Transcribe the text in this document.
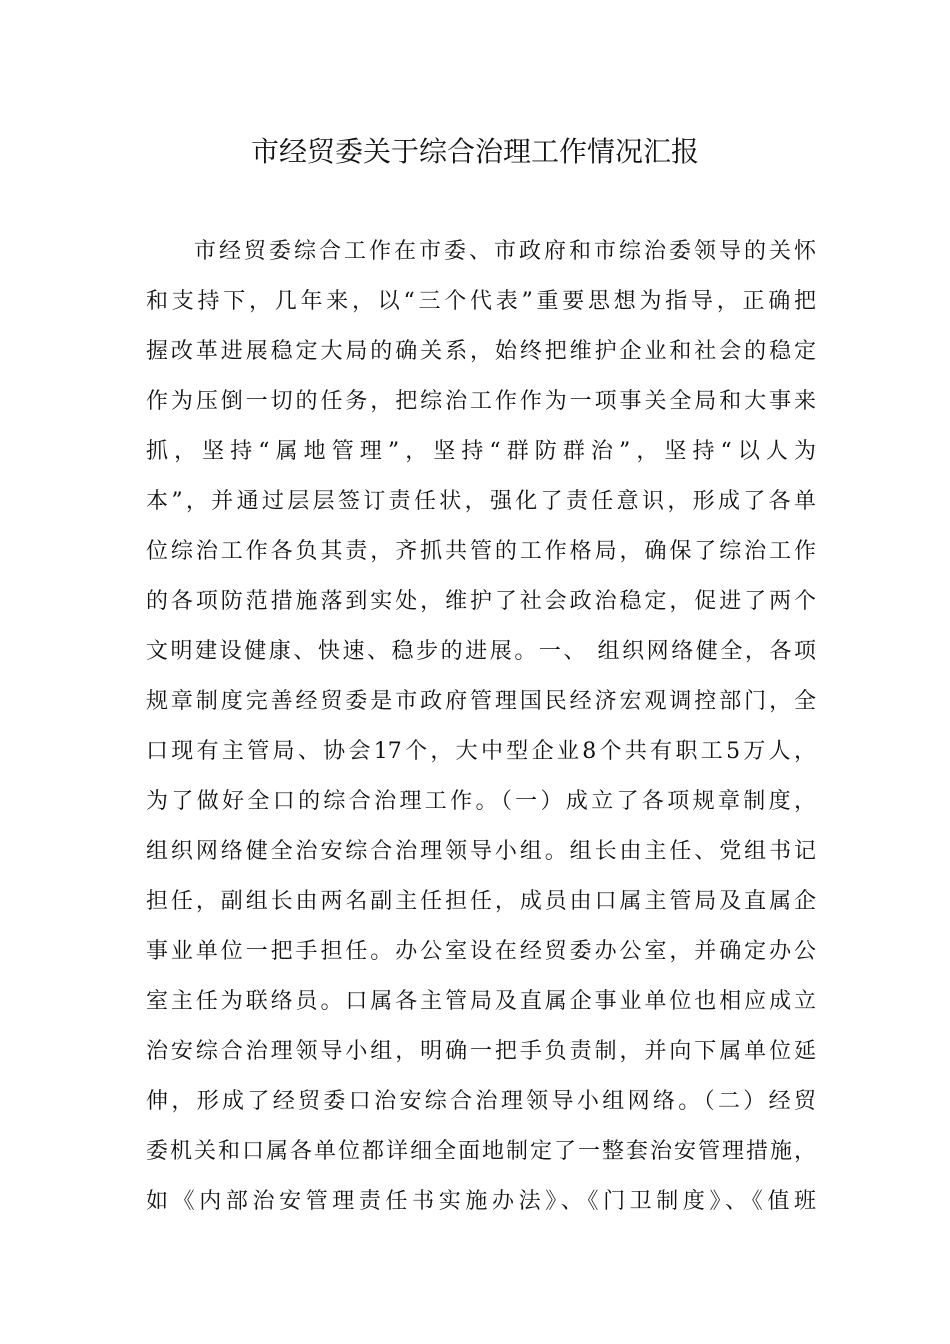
市经贸委关于综合治理工作情况汇报
市经贸委综合工作在市委、市政府和市综治委领导的关怀
和支持下，几年来，以“三个代表”重要思想为指导，正确把
握改革进展稳定大局的确关系，始终把维护企业和社会的稳定
作为压倒一切的任务，把综治工作作为一项事关全局和大事来
抓，坚持“属地管理”，坚持“群防群治”，坚持“以人为
本”，并通过层层签订责任状，强化了责任意识，形成了各单
位综治工作各负其责，齐抓共管的工作格局，确保了综治工作
的各项防范措施落到实处，维护了社会政治稳定，促进了两个
文明建设健康、快速、稳步的进展。一、 组织网络健全，各项
规章制度完善经贸委是市政府管理国民经济宏观调控部门，全
口现有主管局、协会17个，大中型企业8个共有职工5万人，
为了做好全口的综合治理工作。（一）成立了各项规章制度，
组织网络健全治安综合治理领导小组。组长由主任、党组书记
担任，副组长由两名副主任担任，成员由口属主管局及直属企
事业单位一把手担任。办公室设在经贸委办公室，并确定办公
室主任为联络员。口属各主管局及直属企事业单位也相应成立
治安综合治理领导小组，明确一把手负责制，并向下属单位延
伸，形成了经贸委口治安综合治理领导小组网络。（二）经贸
委机关和口属各单位都详细全面地制定了一整套治安管理措施，
如《内部治安管理责任书实施办法》、《门卫制度》、《值班
